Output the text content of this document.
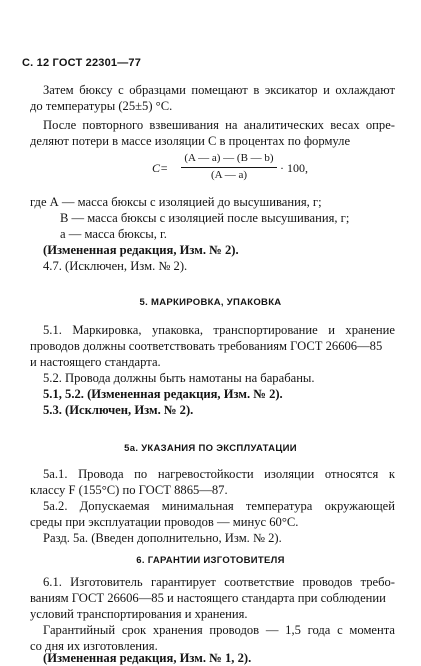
С. 12 ГОСТ 22301—77
Затем бюксу с образцами помещают в эксикатор и охлаждают
до температуры (25±5) °С.
После повторного взвешивания на аналитических весах опре-
деляют потери в массе изоляции С в процентах по формуле
С=
(A — a) — (B — b)
(A — a)	· 100,
где А — масса бюксы с изоляцией до высушивания, г;
В — масса бюксы с изоляцией после высушивания, г;
а — масса бюксы, г.
(Измененная редакция, Изм. № 2).
4.7. (Исключен, Изм. № 2).
5. МАРКИРОВКА, УПАКОВКА
5.1. Маркировка, упаковка, транспортирование и хранение
проводов должны соответствовать требованиям ГОСТ 26606—85
и настоящего стандарта.
5.2. Провода должны быть намотаны на барабаны.
5.1, 5.2. (Измененная редакция, Изм. № 2).
5.3. (Исключен, Изм. № 2).
5а. УКАЗАНИЯ ПО ЭКСПЛУАТАЦИИ
5а.1. Провода по нагревостойкости изоляции относятся к
классу F (155°С) по ГОСТ 8865—87.
5а.2. Допускаемая минимальная температура окружающей
среды при эксплуатации проводов — минус 60°С.
Разд. 5а. (Введен дополнительно, Изм. № 2).
6. ГАРАНТИИ ИЗГОТОВИТЕЛЯ
6.1. Изготовитель гарантирует соответствие проводов требо-
ваниям ГОСТ 26606—85 и настоящего стандарта при соблюдении
условий транспортирования и хранения.
Гарантийный срок хранения проводов — 1,5 года с момента
со дня их изготовления.
(Измененная редакция, Изм. № 1, 2).
